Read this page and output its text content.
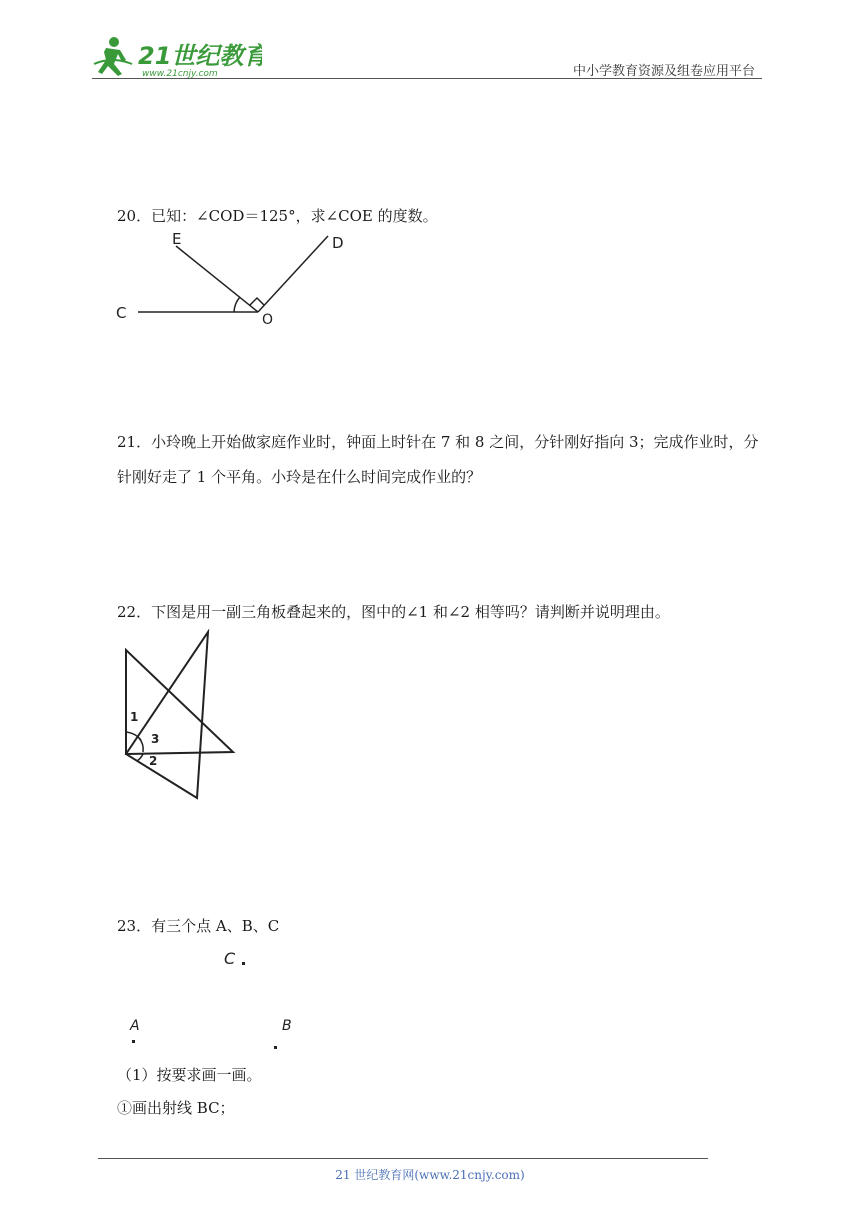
21世纪教育
www.21cnjy.com	中小学教育资源及组卷应用平台
20．已知：∠COD＝125°，求∠COE 的度数。
E	D
C	O
21．小玲晚上开始做家庭作业时，钟面上时针在 7 和 8 之间，分针刚好指向 3；完成作业时，分
针刚好走了 1 个平角。小玲是在什么时间完成作业的？
22．下图是用一副三角板叠起来的，图中的∠1 和∠2 相等吗？请判断并说明理由。
1
3
2
23．有三个点 A、B、C
C
A	B
（1）按要求画一画。
①画出射线 BC；
21 世纪教育网(www.21cnjy.com)
